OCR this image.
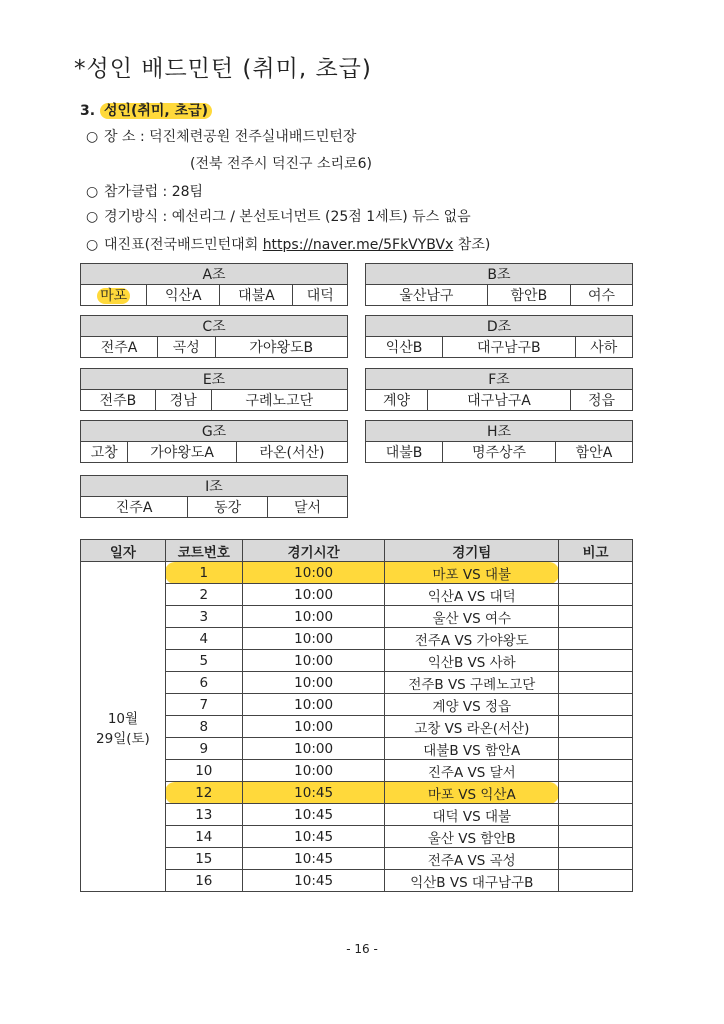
*성인 배드민턴 (취미, 초급)
3. 성인(취미, 초급)
○ 장 소 : 덕진체련공원 전주실내배드민턴장
(전북 전주시 덕진구 소리로6)
○ 참가클럽 : 28팀
○ 경기방식 : 예선리그 / 본선토너먼트 (25점 1세트) 듀스 없음
○ 대진표(전국배드민턴대회 https://naver.me/5FkVYBVx 참조)
A조
마포	익산A	대불A	대덕
B조
울산남구	함안B	여수
C조
전주A	곡성	가야왕도B
D조
익산B	대구남구B	사하
E조
전주B	경남	구례노고단
F조
계양	대구남구A	정읍
G조
고창	가야왕도A	라온(서산)
H조
대불B	명주상주	함안A
I조
진주A	동강	달서
일자	코트번호	경기시간	경기팀	비고

10월
29일(토)	1	10:00	마포 VS 대불	
	2	10:00	익산A VS 대덕	
	3	10:00	울산 VS 여수	
	4	10:00	전주A VS 가야왕도	
	5	10:00	익산B VS 사하	
	6	10:00	전주B VS 구례노고단	
	7	10:00	계양 VS 정읍	
	8	10:00	고창 VS 라온(서산)	
	9	10:00	대불B VS 함안A	
	10	10:00	진주A VS 달서	
	12	10:45	마포 VS 익산A	
	13	10:45	대덕 VS 대불	
	14	10:45	울산 VS 함안B	
	15	10:45	전주A VS 곡성	
	16	10:45	익산B VS 대구남구B	
- 16 -
